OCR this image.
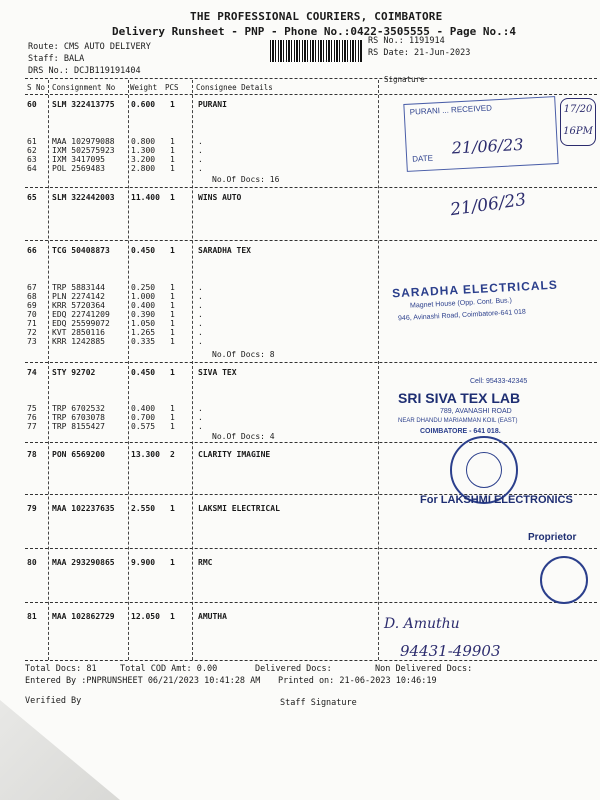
THE PROFESSIONAL COURIERS, COIMBATORE
Delivery Runsheet - PNP - Phone No.:0422-3505555 - Page No.:4
Route: CMS AUTO DELIVERY
Staff: BALA
DRS No.: DCJB119191404
RS No.: 1191914
RS Date: 21-Jun-2023
S No Consignment No Weight PCS Consignee Details
Signature
60 SLM 322413775 0.600 1	PURANI
61 MAA 102979088 0.800 1	.
62 IXM 502575923 1.300 1	.
63 IXM 3417095	3.200 1	.
64 POL 2569483	2.800 1	.
65 SLM 322442003 11.400 1	WINS AUTO
66 TCG 50408873	0.450 1	SARADHA TEX
67 TRP 5883144	0.250 1	.
68 PLN 2274142	1.000 1	.
69 KRR 5720364	0.400 1	.
70 EDQ 22741209	0.390 1	.
71 EDQ 25599072	1.050 1	.
72 KVT 2850116	1.265 1	.
73 KRR 1242885	0.335 1	.
74 STY 92702	0.450 1	SIVA TEX
75 TRP 6702532	0.400 1	.
76 TRP 6703078	0.700 1	.
77 TRP 8155427	0.575 1	.
78 PON 6569200	13.300 2	CLARITY IMAGINE
79 MAA 102237635 2.550 1	LAKSMI ELECTRICAL
80 MAA 293290865 9.900 1	RMC
81 MAA 102862729 12.050 1	AMUTHA
No.Of Docs: 16
No.Of Docs: 8
No.Of Docs: 4
PURANI ... RECEIVED
DATE
21/06/23
17/20 16PM
21/06/23
SARADHA ELECTRICALS
Magnet House (Opp. Cont. Bus.)
946, Avinashi Road, Coimbatore-641 018
Cell: 95433-42345
SRI SIVA TEX LAB
789, AVANASHI ROAD
NEAR DHANDU MARIAMMAN KOIL (EAST)
COIMBATORE - 641 018.
For LAKSHMI ELECTRONICS
Proprietor
D. Amuthu
94431-49903
Total Docs: 81	Total COD Amt: 0.00	Delivered Docs:	Non Delivered Docs:
Entered By :PNPRUNSHEET 06/21/2023 10:41:28 AM Printed on: 21-06-2023 10:46:19
Verified By	Staff Signature
